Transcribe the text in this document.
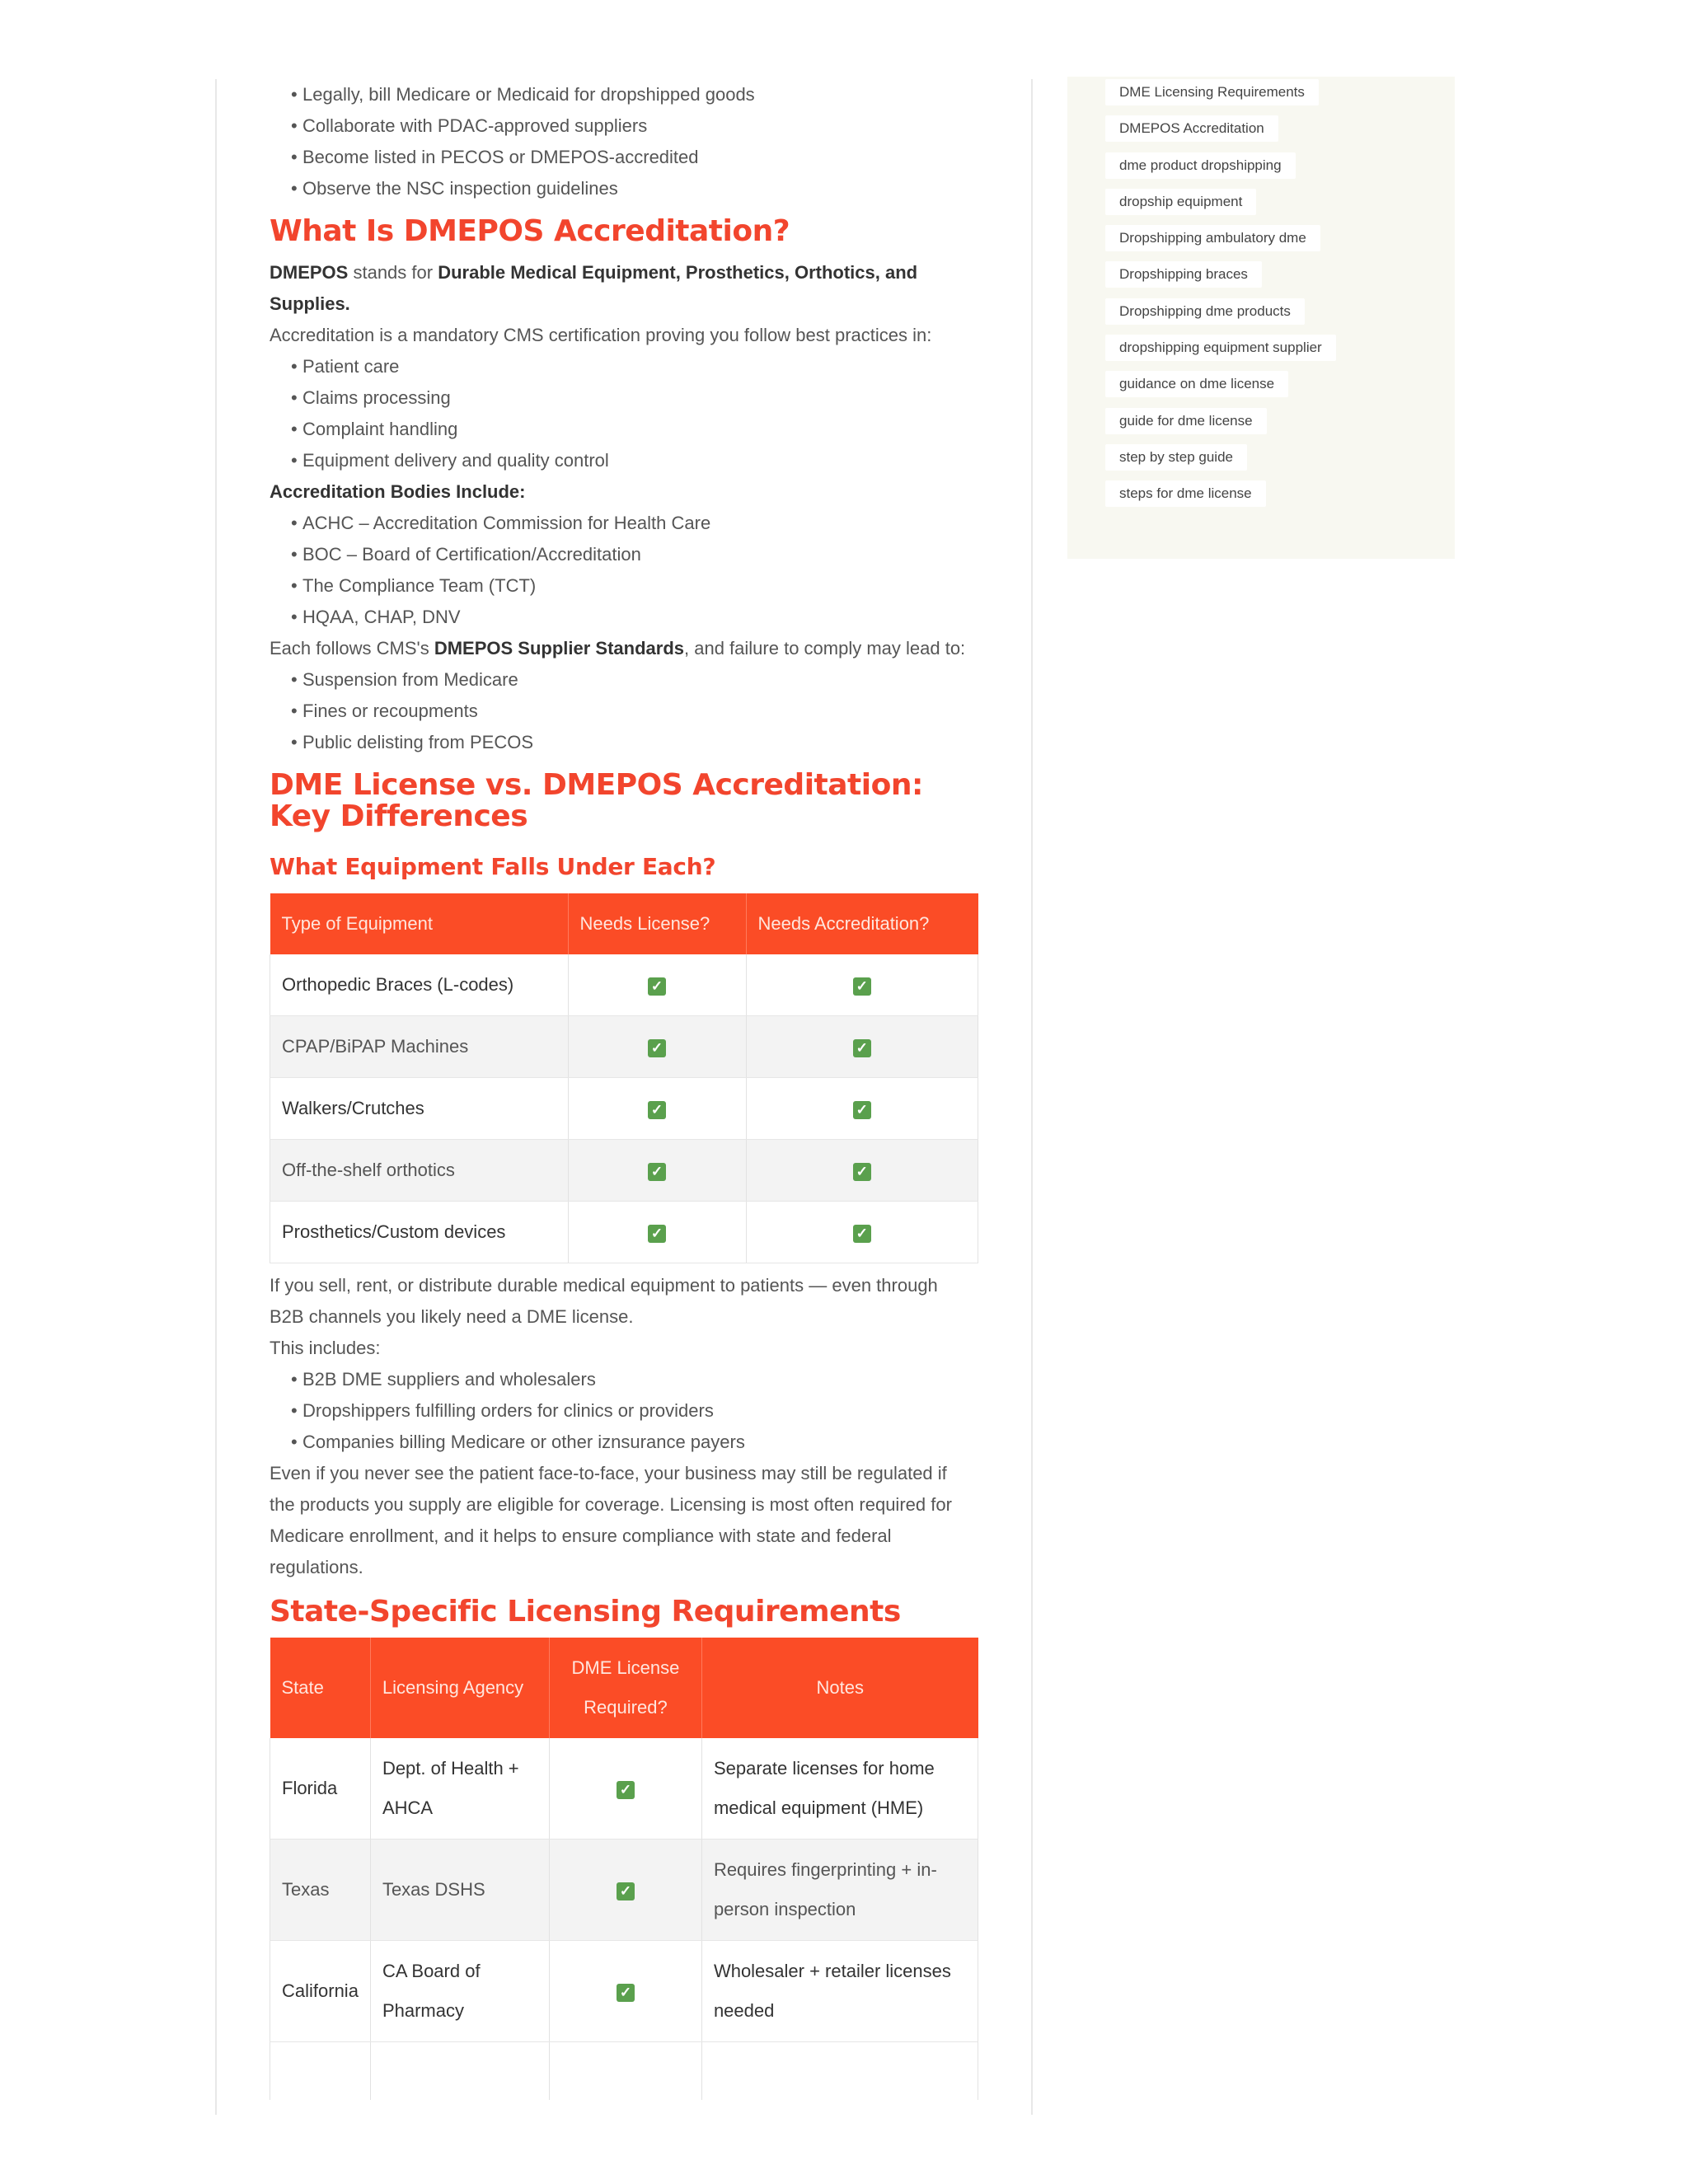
• Legally, bill Medicare or Medicaid for dropshipped goods
• Collaborate with PDAC-approved suppliers
• Become listed in PECOS or DMEPOS-accredited
• Observe the NSC inspection guidelines
What Is DMEPOS Accreditation?

DMEPOS stands for Durable Medical Equipment, Prosthetics, Orthotics, and Supplies.

Accreditation is a mandatory CMS certification proving you follow best practices in:

• Patient care
• Claims processing
• Complaint handling
• Equipment delivery and quality control

Accreditation Bodies Include:

• ACHC – Accreditation Commission for Health Care
• BOC – Board of Certification/Accreditation
• The Compliance Team (TCT)
• HQAA, CHAP, DNV

Each follows CMS's DMEPOS Supplier Standards, and failure to comply may lead to:

• Suspension from Medicare
• Fines or recoupments
• Public delisting from PECOS
DME License vs. DMEPOS Accreditation: Key Differences
What Equipment Falls Under Each?
Type of Equipment	Needs License?	Needs Accreditation?
Orthopedic Braces (L-codes)	✓	✓
CPAP/BiPAP Machines	✓	✓
Walkers/Crutches	✓	✓
Off-the-shelf orthotics	✓	✓
Prosthetics/Custom devices	✓	✓

If you sell, rent, or distribute durable medical equipment to patients — even through B2B channels you likely need a DME license.

This includes:

• B2B DME suppliers and wholesalers
• Dropshippers fulfilling orders for clinics or providers
• Companies billing Medicare or other iznsurance payers

Even if you never see the patient face-to-face, your business may still be regulated if the products you supply are eligible for coverage. Licensing is most often required for Medicare enrollment, and it helps to ensure compliance with state and federal regulations.

State-Specific Licensing Requirements
State	Licensing Agency	DME License Required?	Notes
Florida	Dept. of Health + AHCA	✓	Separate licenses for home medical equipment (HME)
Texas	Texas DSHS	✓	Requires fingerprinting + in-person inspection
California	CA Board of Pharmacy	✓	Wholesaler + retailer licenses needed

DME Licensing Requirements
DMEPOS Accreditation
dme product dropshipping
dropship equipment
Dropshipping ambulatory dme
Dropshipping braces
Dropshipping dme products
dropshipping equipment supplier
guidance on dme license
guide for dme license
step by step guide
steps for dme license
